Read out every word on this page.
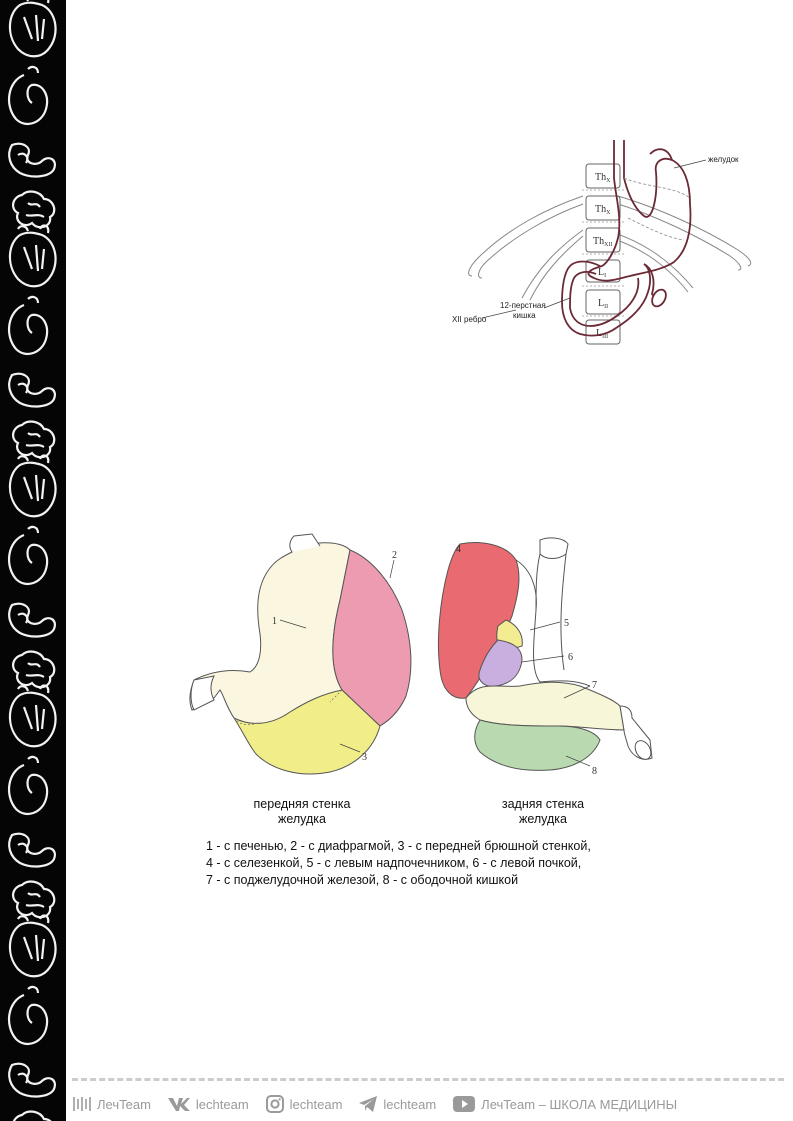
$Th_X$
$Th_X$
$Th_{XII}$
$L_I$
$L_{II}$
$L_{III}$
желудок
XII ребро
12-перстная
кишка
1
2
3
4
5
6
7
8
передняя стенка
желудка
задняя стенка
желудка
1 - с печенью, 2 - с диафрагмой, 3 - с передней брюшной стенкой,
4 - с селезенкой, 5 - с левым надпочечником, 6 - с левой почкой,
7 - с поджелудочной железой, 8 - с ободочной кишкой
ЛечTeam	lechteam	lechteam	lechteam	ЛечTeam – ШКОЛА МЕДИЦИНЫ
